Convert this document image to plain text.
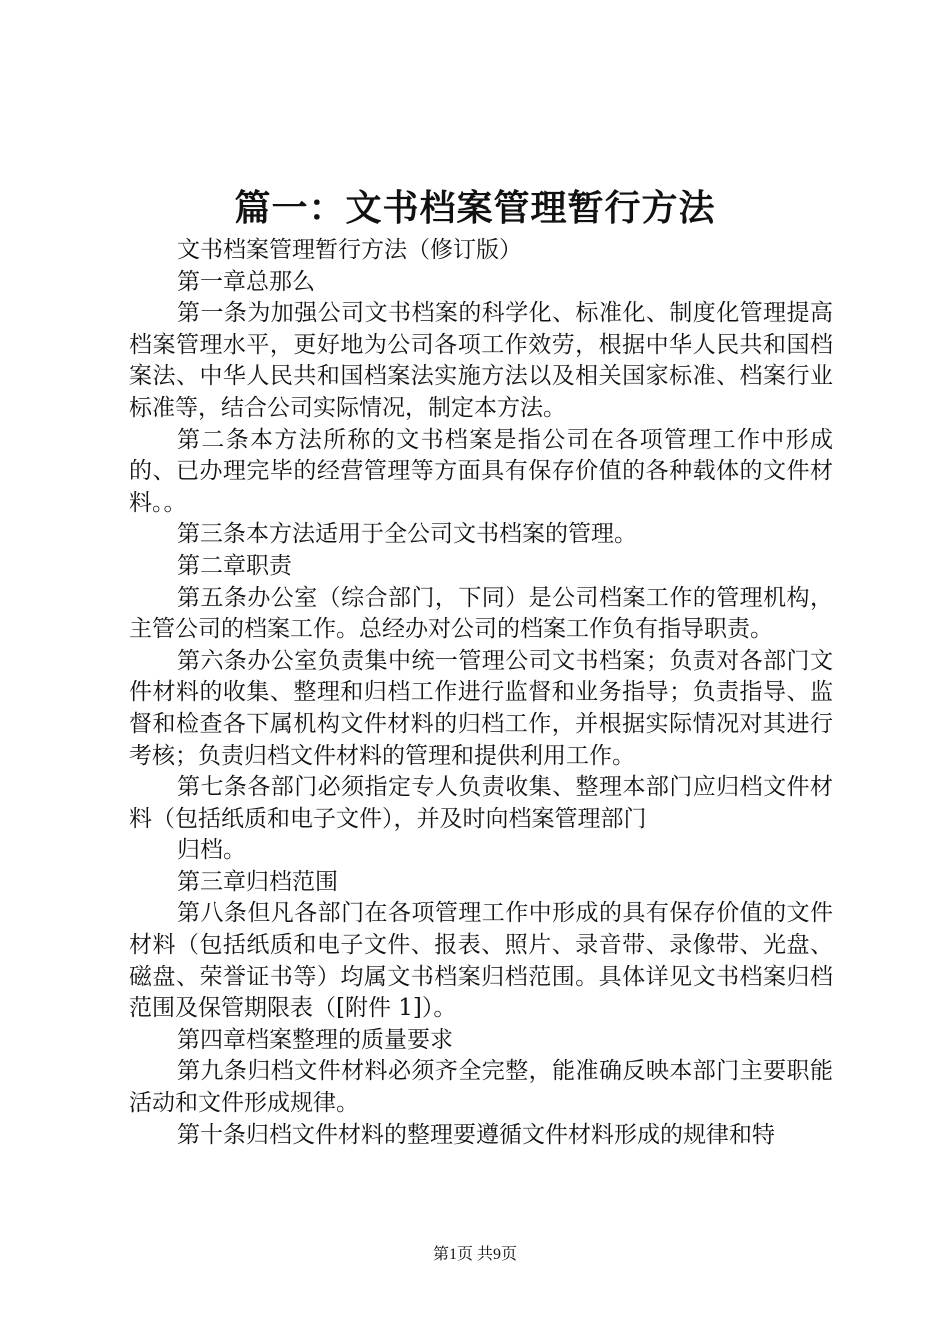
篇一：文书档案管理暂行方法

文书档案管理暂行方法（修订版）

第一章总那么

第一条为加强公司文书档案的科学化、标准化、制度化管理提高档案管理水平，更好地为公司各项工作效劳，根据中华人民共和国档案法、中华人民共和国档案法实施方法以及相关国家标准、档案行业标准等，结合公司实际情况，制定本方法。

第二条本方法所称的文书档案是指公司在各项管理工作中形成的、已办理完毕的经营管理等方面具有保存价值的各种载体的文件材料。。

第三条本方法适用于全公司文书档案的管理。

第二章职责

第五条办公室（综合部门，下同）是公司档案工作的管理机构，主管公司的档案工作。总经办对公司的档案工作负有指导职责。

第六条办公室负责集中统一管理公司文书档案；负责对各部门文件材料的收集、整理和归档工作进行监督和业务指导；负责指导、监督和检查各下属机构文件材料的归档工作，并根据实际情况对其进行考核；负责归档文件材料的管理和提供利用工作。

第七条各部门必须指定专人负责收集、整理本部门应归档文件材料（包括纸质和电子文件），并及时向档案管理部门

归档。

第三章归档范围

第八条但凡各部门在各项管理工作中形成的具有保存价值的文件材料（包括纸质和电子文件、报表、照片、录音带、录像带、光盘、磁盘、荣誉证书等）均属文书档案归档范围。具体详见文书档案归档范围及保管期限表（[附件 1]）。

第四章档案整理的质量要求

第九条归档文件材料必须齐全完整，能准确反映本部门主要职能活动和文件形成规律。

第十条归档文件材料的整理要遵循文件材料形成的规律和特

第1页 共9页
